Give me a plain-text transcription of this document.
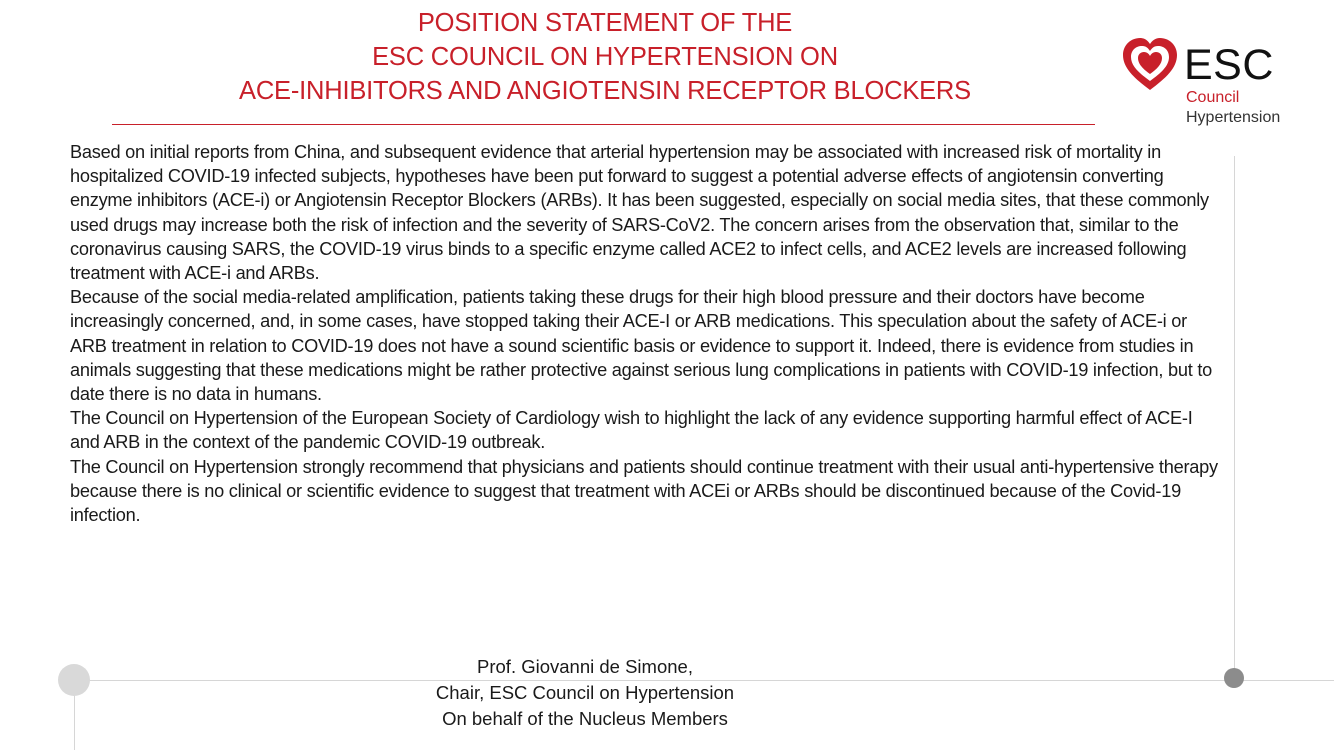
POSITION STATEMENT OF THE
ESC COUNCIL ON HYPERTENSION ON
ACE-INHIBITORS AND ANGIOTENSIN RECEPTOR BLOCKERS
ESC
Council
Hypertension

Based on initial reports from China, and subsequent evidence that arterial hypertension may be associated with increased risk of mortality in hospitalized COVID-19 infected subjects, hypotheses have been put forward to suggest a potential adverse effects of angiotensin converting enzyme inhibitors (ACE-i) or Angiotensin Receptor Blockers (ARBs). It has been suggested, especially on social media sites, that these commonly used drugs may increase both the risk of infection and the severity of SARS-CoV2. The concern arises from the observation that, similar to the coronavirus causing SARS, the COVID-19 virus binds to a specific enzyme called ACE2 to infect cells, and ACE2 levels are increased following treatment with ACE-i and ARBs.

Because of the social media-related amplification, patients taking these drugs for their high blood pressure and their doctors have become increasingly concerned, and, in some cases, have stopped taking their ACE-I or ARB medications. This speculation about the safety of ACE-i or ARB treatment in relation to COVID-19 does not have a sound scientific basis or evidence to support it. Indeed, there is evidence from studies in animals suggesting that these medications might be rather protective against serious lung complications in patients with COVID-19 infection, but to date there is no data in humans.

The Council on Hypertension of the European Society of Cardiology wish to highlight the lack of any evidence supporting harmful effect of ACE-I and ARB in the context of the pandemic COVID-19 outbreak.

The Council on Hypertension strongly recommend that physicians and patients should continue treatment with their usual anti-hypertensive therapy because there is no clinical or scientific evidence to suggest that treatment with ACEi or ARBs should be discontinued because of the Covid-19 infection.

Prof. Giovanni de Simone,
Chair, ESC Council on Hypertension
On behalf of the Nucleus Members
